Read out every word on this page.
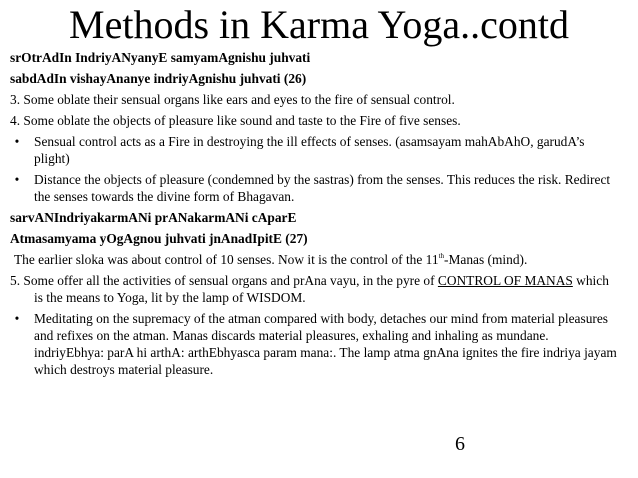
Methods in Karma Yoga..contd
srOtrAdIn IndriyANyanyE samyamAgnishu juhvati
sabdAdIn vishayAnanye indriyAgnishu juhvati (26)
3. Some oblate their sensual organs like ears and eyes to the fire of sensual control.
4. Some oblate the objects of pleasure like sound and taste to the Fire of five senses.
•	Sensual control acts as a Fire in destroying the ill effects of senses. (asamsayam mahAbAhO, garudA’s plight)
•	Distance the objects of pleasure (condemned by the sastras) from the senses. This reduces the risk. Redirect the senses towards the divine form of Bhagavan.
sarvANIndriyakarmANi prANakarmANi cAparE
Atmasamyama yOgAgnou juhvati jnAnadIpitE (27)
The earlier sloka was about control of 10 senses. Now it is the control of the 11th-Manas (mind).
5. Some offer all the activities of sensual organs and prAna vayu, in the pyre of CONTROL OF MANAS which is the means to Yoga, lit by the lamp of WISDOM.
•	Meditating on the supremacy of the atman compared with body, detaches our mind from material pleasures and refixes on the atman. Manas discards material pleasures, exhaling and inhaling as mundane. indriyEbhya: parA hi arthA: arthEbhyasca param mana:. The lamp atma gnAna ignites the fire indriya jayam which destroys material pleasure.
6
